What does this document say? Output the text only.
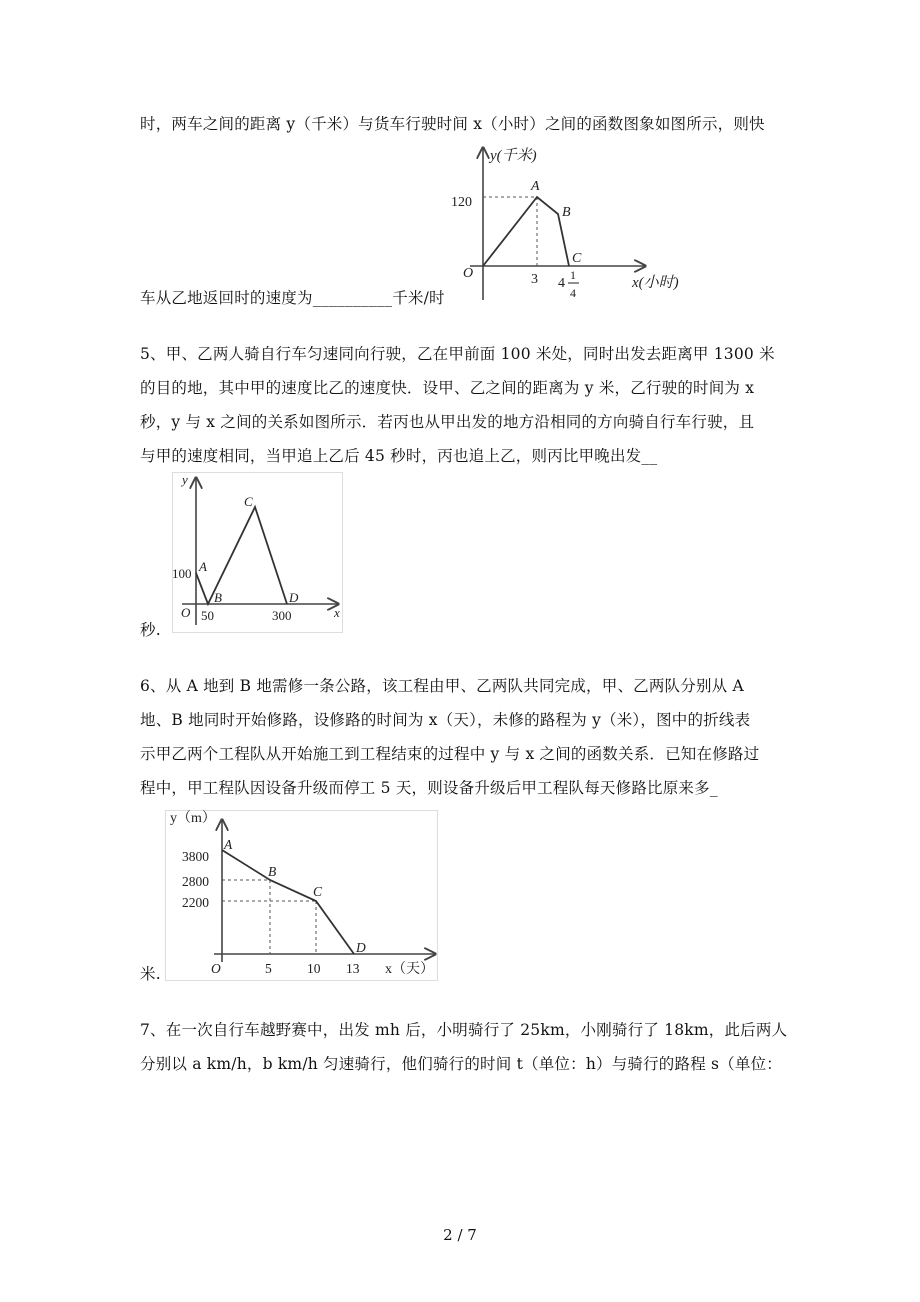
时，两车之间的距离 y（千米）与货车行驶时间 x（小时）之间的函数图象如图所示，则快
y(千米)
120
A
B
C
O	3 4
1
4
x(小时)
车从乙地返回时的速度为__________千米/时
5、甲、乙两人骑自行车匀速同向行驶，乙在甲前面 100 米处，同时出发去距离甲 1300 米
的目的地，其中甲的速度比乙的速度快．设甲、乙之间的距离为 y 米，乙行驶的时间为 x
秒，y 与 x 之间的关系如图所示．若丙也从甲出发的地方沿相同的方向骑自行车行驶，且
与甲的速度相同，当甲追上乙后 45 秒时，丙也追上乙，则丙比甲晚出发__
y
100 A
B
C
D
O 50	300	x
秒.
6、从 A 地到 B 地需修一条公路，该工程由甲、乙两队共同完成，甲、乙两队分别从 A
地、B 地同时开始修路，设修路的时间为 x（天），未修的路程为 y（米），图中的折线表
示甲乙两个工程队从开始施工到工程结束的过程中 y 与 x 之间的函数关系．已知在修路过
程中，甲工程队因设备升级而停工 5 天，则设备升级后甲工程队每天修路比原来多_
y（m）
3800
2800
2200
A
B
C
D
O	5	10 13 x（天）
米.
7、在一次自行车越野赛中，出发 mh 后，小明骑行了 25km，小刚骑行了 18km，此后两人
分别以 a km/h，b km/h 匀速骑行，他们骑行的时间 t（单位：h）与骑行的路程 s（单位：
2 / 7
